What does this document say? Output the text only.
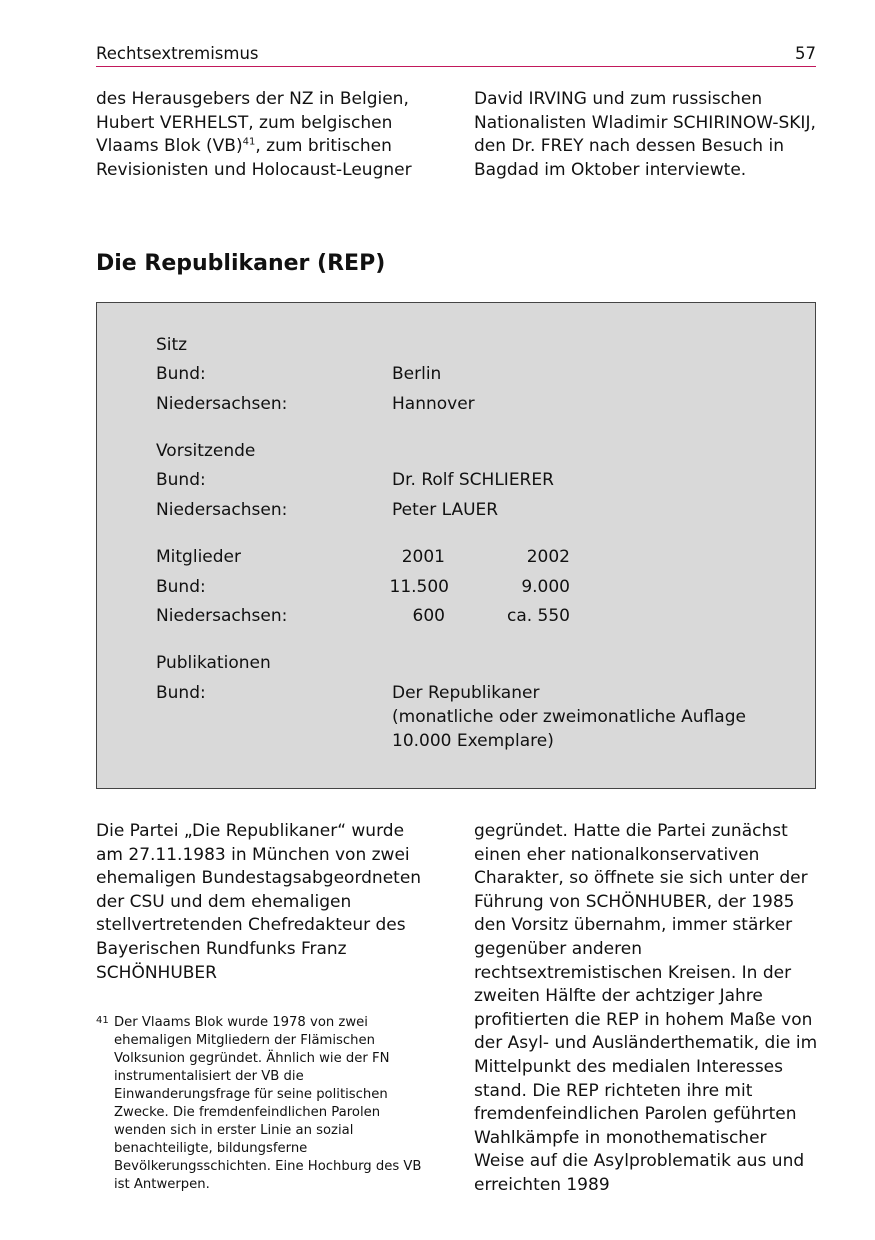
Rechtsextremismus	57

des Herausgebers der NZ in Belgien, Hubert VERHELST, zum belgischen Vlaams Blok (VB)$^{41}$, zum britischen Revisionisten und Holocaust-Leugner

David IRVING und zum russischen Nationalisten Wladimir SCHIRINOW-SKIJ, den Dr. FREY nach dessen Besuch in Bagdad im Oktober interviewte.

Die Republikaner (REP)
Sitz
Bund:	Berlin
Niedersachsen:	Hannover
Vorsitzende
Bund:	Dr. Rolf SCHLIERER
Niedersachsen:	Peter LAUER
Mitglieder	2001	2002
Bund:	11.500	9.000
Niedersachsen:	600	ca. 550
Publikationen
Bund:	Der Republikaner
(monatliche oder zweimonatliche Auflage
10.000 Exemplare)

Die Partei „Die Republikaner“ wurde am 27.11.1983 in München von zwei ehemaligen Bundestagsabgeordneten der CSU und dem ehemaligen stellvertretenden Chefredakteur des Bayerischen Rundfunks Franz SCHÖNHUBER

gegründet. Hatte die Partei zunächst einen eher nationalkonservativen Charakter, so öffnete sie sich unter der Führung von SCHÖNHUBER, der 1985 den Vorsitz übernahm, immer stärker gegenüber anderen rechtsextremistischen Kreisen. In der zweiten Hälfte der achtziger Jahre profitierten die REP in hohem Maße von der Asyl- und Ausländerthematik, die im Mittelpunkt des medialen Interesses stand. Die REP richteten ihre mit fremdenfeindlichen Parolen geführten Wahlkämpfe in monothematischer Weise auf die Asylproblematik aus und erreichten 1989

41 Der Vlaams Blok wurde 1978 von zwei ehemaligen Mitgliedern der Flämischen Volksunion gegründet. Ähnlich wie der FN instrumentalisiert der VB die Einwanderungsfrage für seine politischen Zwecke. Die fremdenfeindlichen Parolen wenden sich in erster Linie an sozial benachteiligte, bildungsferne Bevölkerungsschichten. Eine Hochburg des VB ist Antwerpen.
